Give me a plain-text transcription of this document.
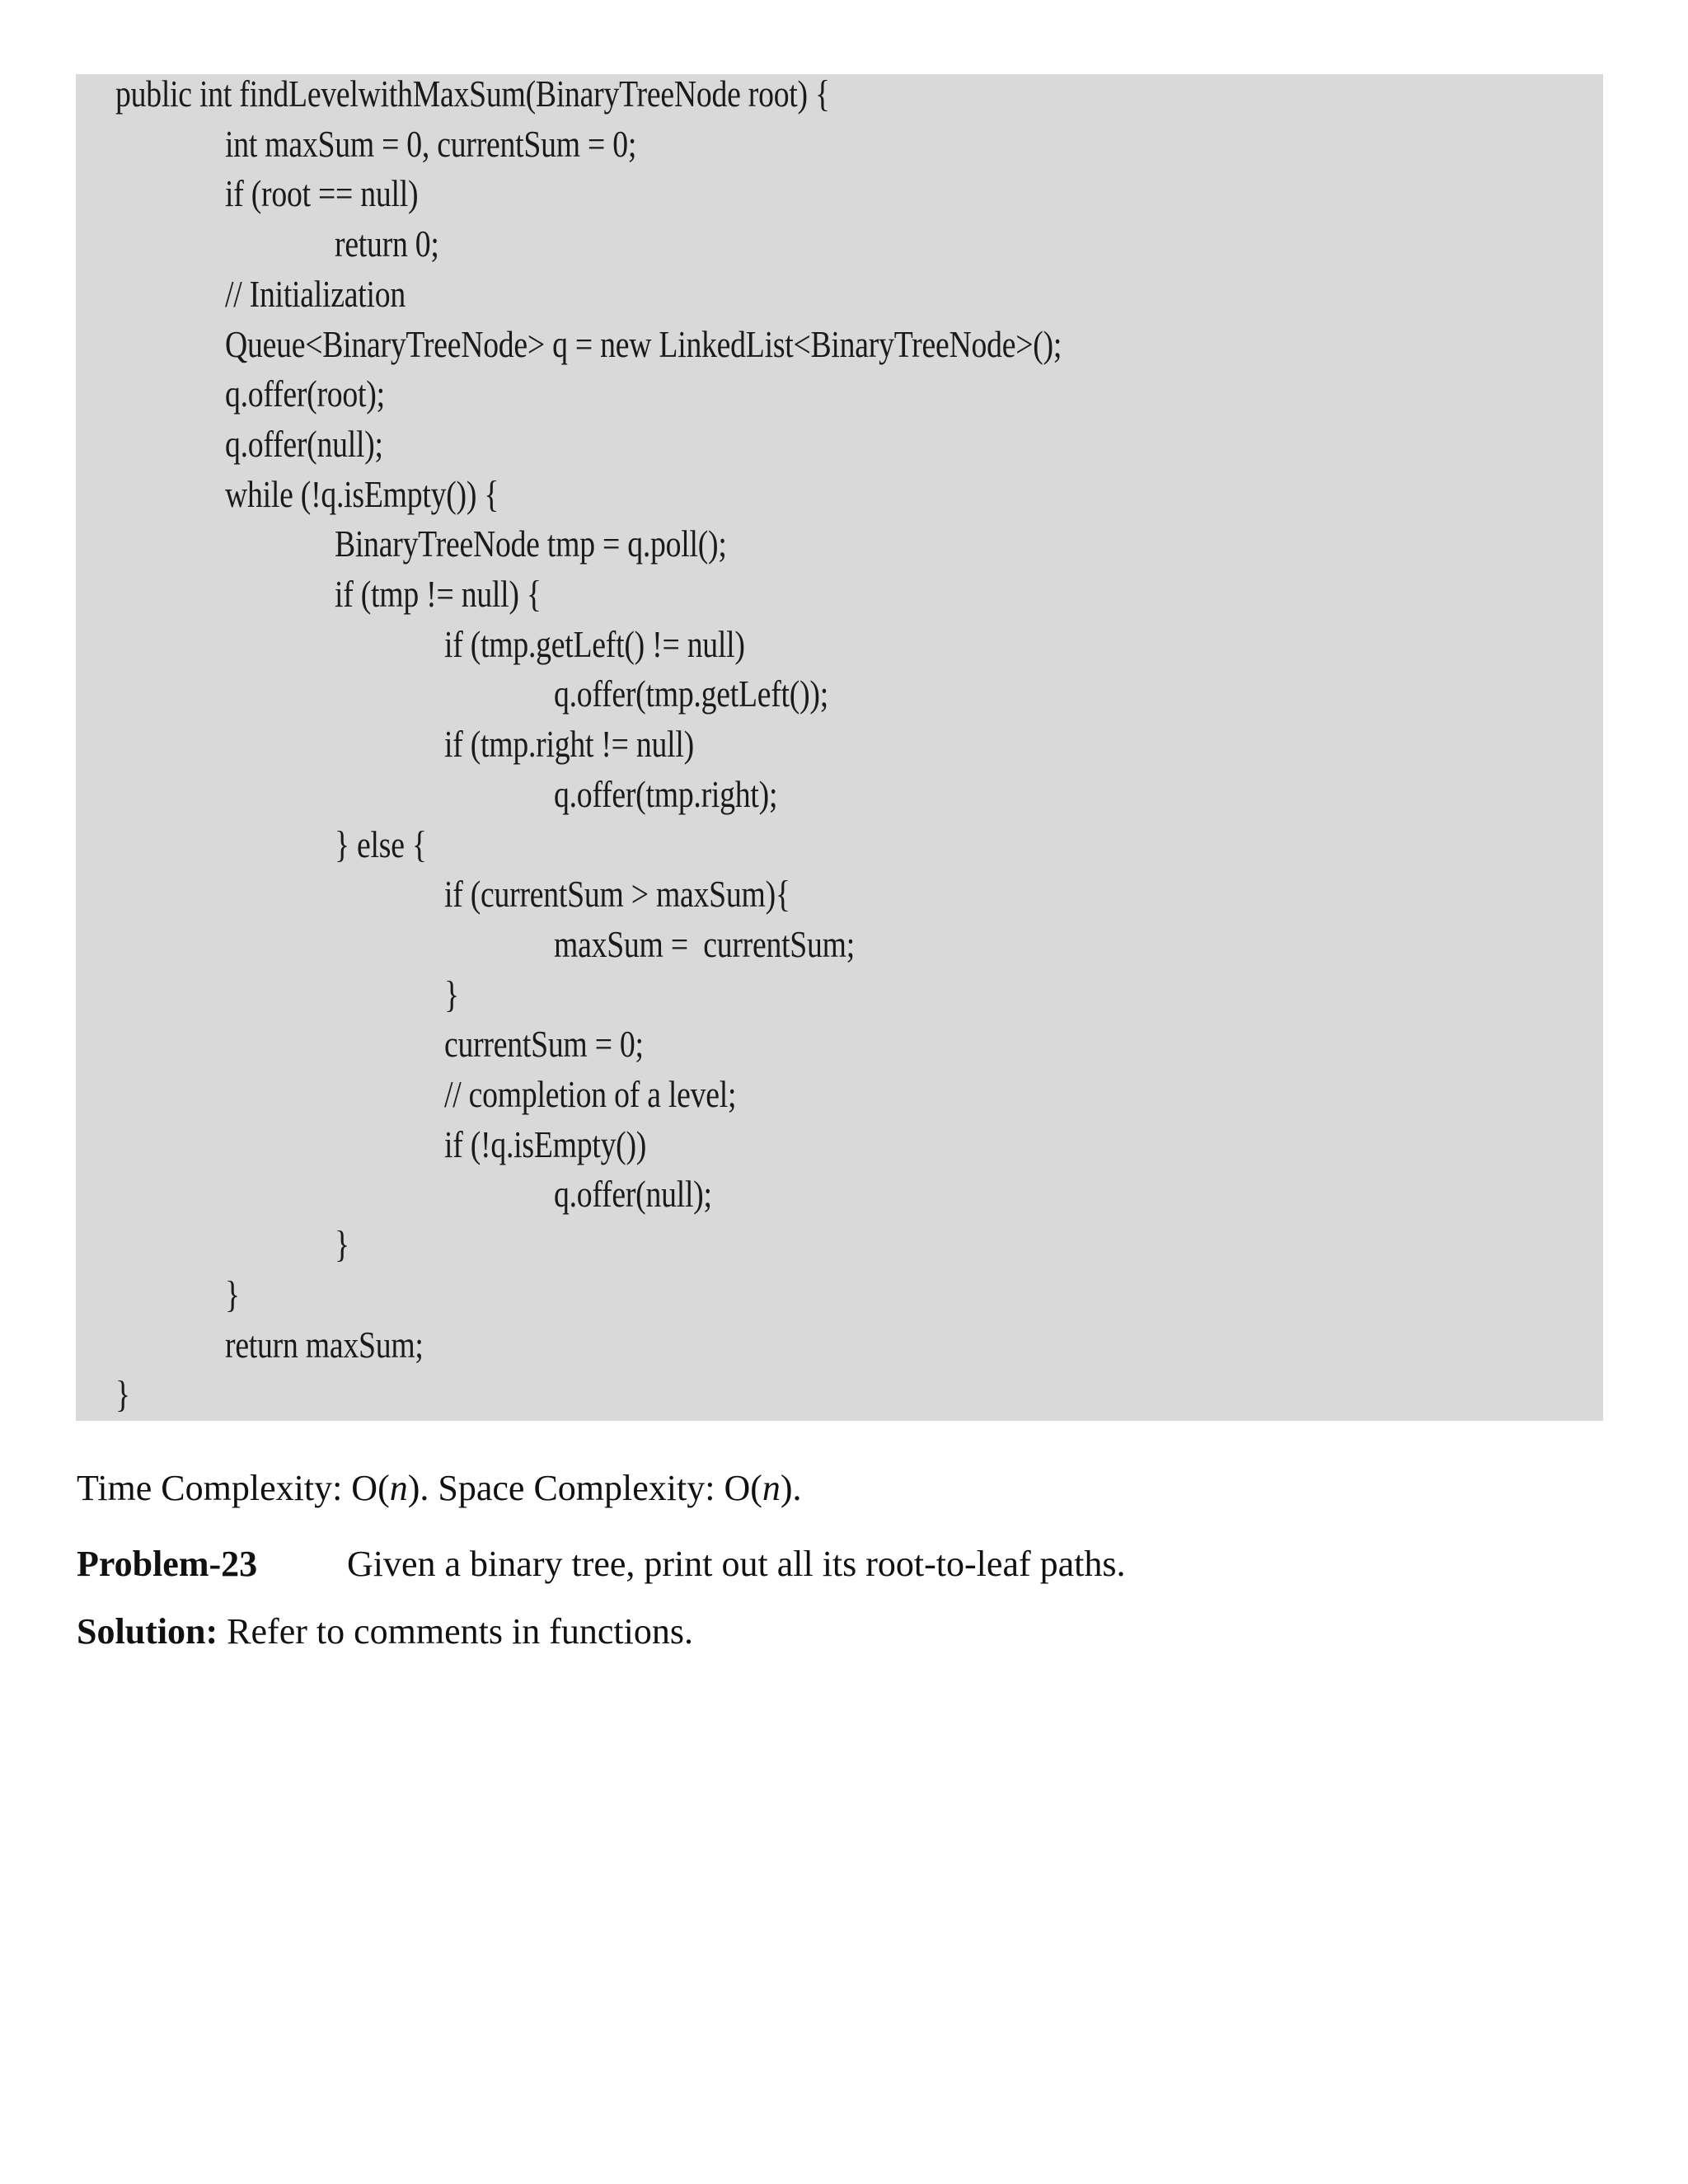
public int findLevelwithMaxSum(BinaryTreeNode root) {
int maxSum = 0, currentSum = 0;
if (root == null)
return 0;
// Initialization
Queue<BinaryTreeNode> q = new LinkedList<BinaryTreeNode>();
q.offer(root);
q.offer(null);
while (!q.isEmpty()) {
BinaryTreeNode tmp = q.poll();
if (tmp != null) {
if (tmp.getLeft() != null)
q.offer(tmp.getLeft());
if (tmp.right != null)
q.offer(tmp.right);
} else {
if (currentSum > maxSum){
maxSum =  currentSum;
}
currentSum = 0;
// completion of a level;
if (!q.isEmpty())
q.offer(null);
}
}
return maxSum;
}
Time Complexity: O(n). Space Complexity: O(n).
Problem-23 Given a binary tree, print out all its root-to-leaf paths.
Solution: Refer to comments in functions.
